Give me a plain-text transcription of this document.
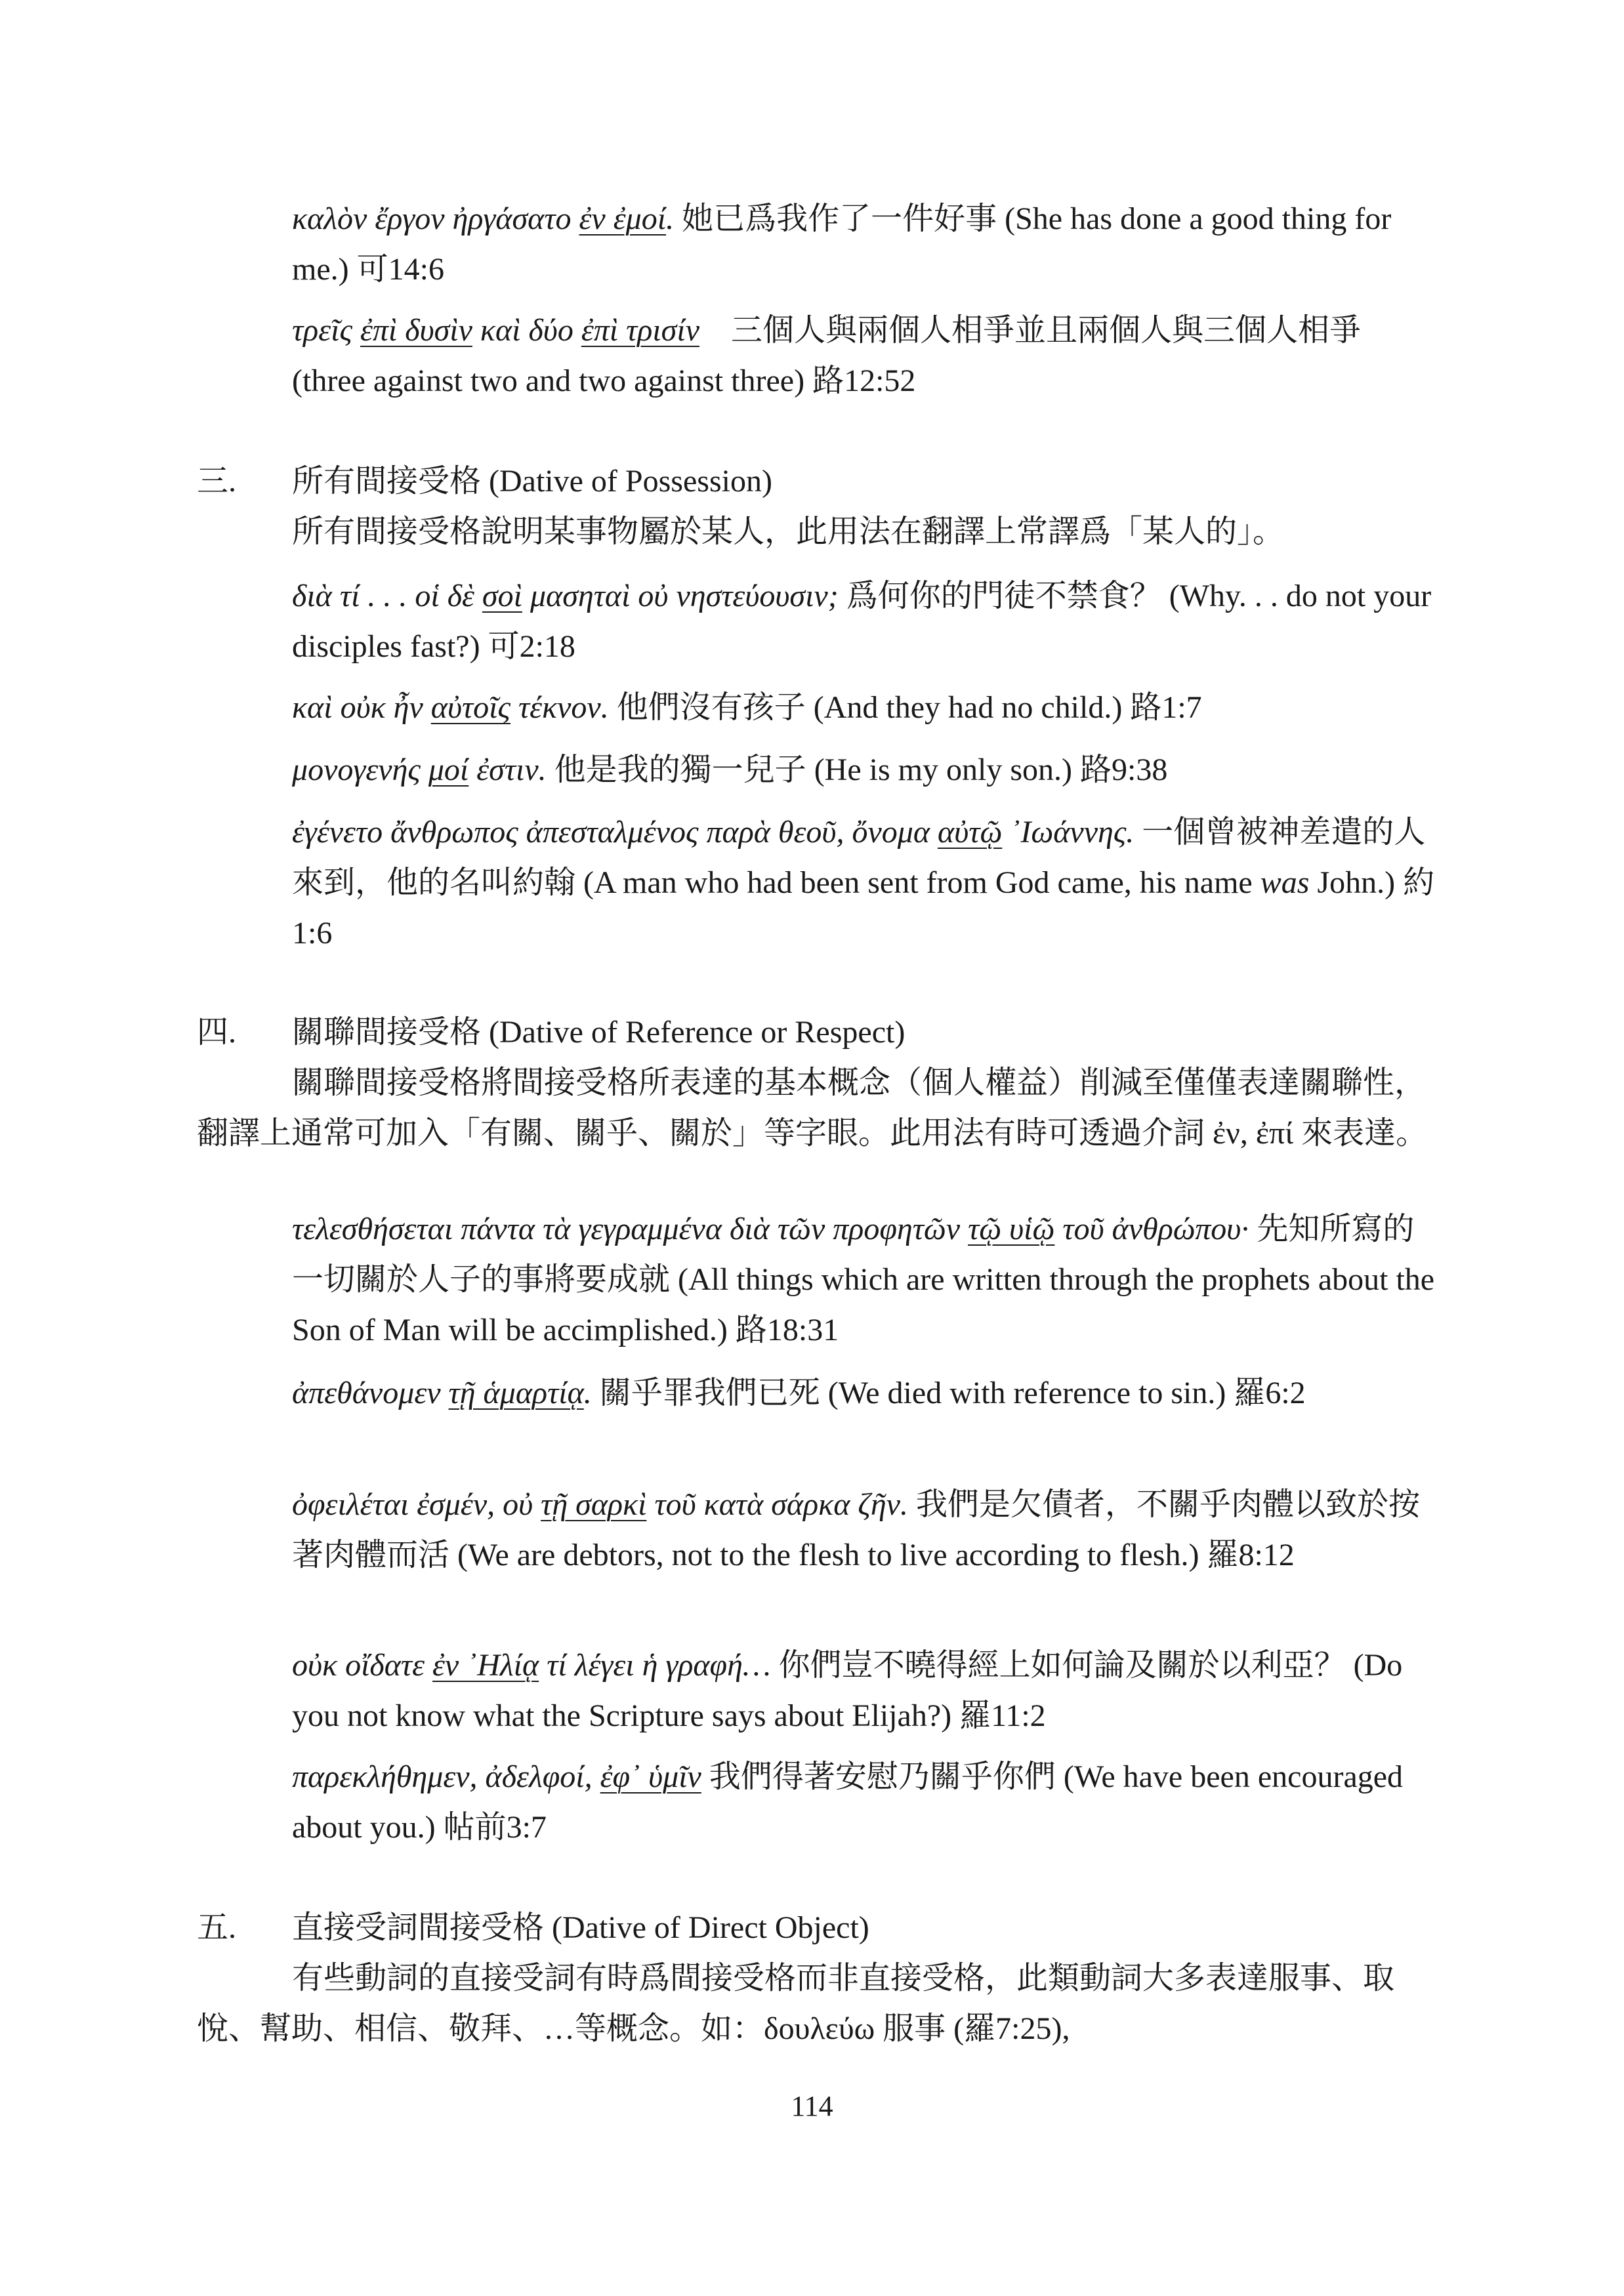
καλὸν ἔργον ἠργάσατο ἐν ἐμοί. 她已爲我作了一件好事 (She has done a good thing for me.) 可14:6
τρεῖς ἐπὶ δυσὶν καὶ δύο ἐπὶ τρισίν　三個人與兩個人相爭並且兩個人與三個人相爭 (three against two and two against three) 路12:52
三. 所有間接受格 (Dative of Possession)
所有間接受格說明某事物屬於某人，此用法在翻譯上常譯爲「某人的」。
διὰ τί . . . οἱ δὲ σοὶ μασηταὶ οὐ νηστεύουσιν; 爲何你的門徒不禁食？ (Why. . . do not your disciples fast?) 可2:18
καὶ οὐκ ἦν αὐτοῖς τέκνον. 他們沒有孩子 (And they had no child.) 路1:7
μονογενής μοί ἐστιν. 他是我的獨一兒子 (He is my only son.) 路9:38
ἐγένετο ἄνθρωπος ἀπεσταλμένος παρὰ θεοῦ, ὄνομα αὐτῷ ᾿Ιωάννης. 一個曾被神差遣的人來到，他的名叫約翰 (A man who had been sent from God came, his name was John.) 約1:6
四. 關聯間接受格 (Dative of Reference or Respect)
關聯間接受格將間接受格所表達的基本概念（個人權益）削減至僅僅表達關聯性，翻譯上通常可加入「有關、關乎、關於」等字眼。此用法有時可透過介詞 ἐν, ἐπί 來表達。
τελεσθήσεται πάντα τὰ γεγραμμένα διὰ τῶν προφητῶν τῷ υἱῷ τοῦ ἀνθρώπου· 先知所寫的一切關於人子的事將要成就 (All things which are written through the prophets about the Son of Man will be accimplished.) 路18:31
ἀπεθάνομεν τῇ ἁμαρτίᾳ. 關乎罪我們已死 (We died with reference to sin.) 羅6:2
ὀφειλέται ἐσμέν, οὐ τῇ σαρκὶ τοῦ κατὰ σάρκα ζῆν. 我們是欠債者，不關乎肉體以致於按著肉體而活 (We are debtors, not to the flesh to live according to flesh.) 羅8:12
οὐκ οἴδατε ἐν ᾿Ηλίᾳ τί λέγει ἡ γραφή… 你們豈不曉得經上如何論及關於以利亞？ (Do you not know what the Scripture says about Elijah?) 羅11:2
παρεκλήθημεν, ἀδελφοί, ἐφ᾿ ὑμῖν 我們得著安慰乃關乎你們 (We have been encouraged about you.) 帖前3:7
五. 直接受詞間接受格 (Dative of Direct Object)
有些動詞的直接受詞有時爲間接受格而非直接受格，此類動詞大多表達服事、取悅、幫助、相信、敬拜、…等概念。如：δουλεύω 服事 (羅7:25),
114
